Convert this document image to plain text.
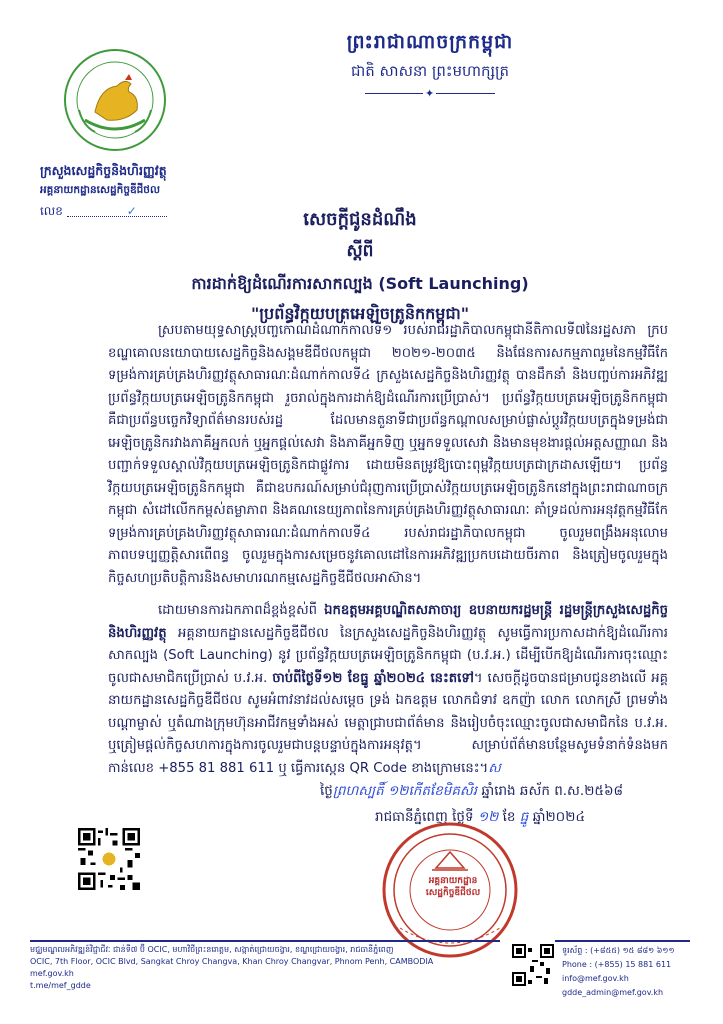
ព្រះរាជាណាចក្រកម្ពុជា
ជាតិ សាសនា ព្រះមហាក្សត្រ
✦
ក្រសួងសេដ្ឋកិច្ចនិងហិរញ្ញវត្ថុ
អគ្គនាយកដ្ឋានសេដ្ឋកិច្ចឌីជីថល
លេខ	✓	សេចក្តីជូនដំណឹង
ស្តីពី
ការដាក់ឱ្យដំណើរការសាកល្បង (Soft Launching)
"ប្រព័ន្ធវិក្កយបត្រអេឡិចត្រូនិកកម្ពុជា"

ស្របតាមយុទ្ធសាស្ត្របញ្ចកោណដំណាក់កាលទី១ របស់រាជរដ្ឋាភិបាលកម្ពុជានីតិកាលទី៧នៃរដ្ឋសភា ក្របខណ្ឌគោលនយោបាយសេដ្ឋកិច្ចនិងសង្គមឌីជីថលកម្ពុជា ២០២១-២០៣៥ និងផែនការសកម្មភាពរួមនៃកម្មវិធីកែទម្រង់ការគ្រប់គ្រងហិរញ្ញវត្ថុសាធារណៈដំណាក់កាលទី៤ ក្រសួងសេដ្ឋកិច្ចនិងហិរញ្ញវត្ថុ បានដឹកនាំ និងបញ្ចប់ការអភិវឌ្ឍ ប្រព័ន្ធវិក្កយបត្រអេឡិចត្រូនិកកម្ពុជា រួចរាល់ក្នុងការដាក់ឱ្យដំណើរការប្រើប្រាស់។ ប្រព័ន្ធវិក្កយបត្រអេឡិចត្រូនិកកម្ពុជា គឺជាប្រព័ន្ធបច្ចេកវិទ្យាព័ត៌មានរបស់រដ្ឋ ដែលមានតួនាទីជាប្រព័ន្ធកណ្តាលសម្រាប់ផ្លាស់ប្តូរវិក្កយបត្រក្នុងទម្រង់ជាអេឡិចត្រូនិករវាងភាគីអ្នកលក់ ឬអ្នកផ្តល់សេវា និងភាគីអ្នកទិញ ឬអ្នកទទួលសេវា និងមានមុខងារផ្តល់អត្តសញ្ញាណ និងបញ្ជាក់ទទួលស្គាល់វិក្កយបត្រអេឡិចត្រូនិកជាផ្លូវការ ដោយមិនតម្រូវឱ្យបោះពុម្ពវិក្កយបត្រជាក្រដាសឡើយ។ ប្រព័ន្ធវិក្កយបត្រអេឡិចត្រូនិកកម្ពុជា គឺជាឧបករណ៍សម្រាប់ជំរុញការប្រើប្រាស់វិក្កយបត្រអេឡិចត្រូនិកនៅក្នុងព្រះរាជាណាចក្រកម្ពុជា សំដៅលើកកម្ពស់តម្លាភាព និងគណនេយ្យភាពនៃការគ្រប់គ្រងហិរញ្ញវត្ថុសាធារណៈ គាំទ្រដល់ការអនុវត្តកម្មវិធីកែទម្រង់ការគ្រប់គ្រងហិរញ្ញវត្ថុសាធារណៈដំណាក់កាលទី៤ របស់រាជរដ្ឋាភិបាលកម្ពុជា ចូលរួមពង្រឹងអនុលោមភាពបទប្បញ្ញត្តិសារពើពន្ធ ចូលរួមក្នុងការសម្រេចនូវគោលដៅនៃការអភិវឌ្ឍប្រកបដោយចីរភាព និងត្រៀមចូលរួមក្នុងកិច្ចសហប្រតិបត្តិការនិងសមាហរណកម្មសេដ្ឋកិច្ចឌីជីថលអាស៊ាន។

ដោយមានការឯកភាពដ៏ខ្ពង់ខ្ពស់ពី ឯកឧត្តមអគ្គបណ្ឌិតសភាចារ្យ ឧបនាយករដ្ឋមន្ត្រី រដ្ឋមន្ត្រីក្រសួងសេដ្ឋកិច្ចនិងហិរញ្ញវត្ថុ អគ្គនាយកដ្ឋានសេដ្ឋកិច្ចឌីជីថល នៃក្រសួងសេដ្ឋកិច្ចនិងហិរញ្ញវត្ថុ សូមធ្វើការប្រកាសដាក់ឱ្យដំណើរការសាកល្បង (Soft Launching) នូវ ប្រព័ន្ធវិក្កយបត្រអេឡិចត្រូនិកកម្ពុជា (ប.វ.អ.) ដើម្បីបើកឱ្យដំណើរការចុះឈ្មោះចូលជាសមាជិកប្រើប្រាស់ ប.វ.អ. ចាប់ពីថ្ងៃទី១២ ខែធ្នូ ឆ្នាំ២០២៤ នេះតទៅ។ សេចក្តីដូចបានជម្រាបជូនខាងលើ អគ្គនាយកដ្ឋានសេដ្ឋកិច្ចឌីជីថល សូមអំពាវនាវដល់សម្តេច ទ្រង់ ឯកឧត្តម លោកជំទាវ ឧកញ៉ា លោក លោកស្រី ព្រមទាំងបណ្តាម្ចាស់ ឬតំណាងក្រុមហ៊ុនអាជីវកម្មទាំងអស់ មេត្តាជ្រាបជាព័ត៌មាន និងរៀបចំចុះឈ្មោះចូលជាសមាជិកនៃ ប.វ.អ. ឬត្រៀមផ្តល់កិច្ចសហការក្នុងការចូលរួមជាបន្តបន្ទាប់ក្នុងការអនុវត្ត។ សម្រាប់ព័ត៌មានបន្ថែមសូមទំនាក់ទំនងមកកាន់លេខ +855 81 881 611 ឬ ធ្វើការស្កេន QR Code ខាងក្រោមនេះ។ស

ថ្ងៃព្រហស្បតិ៍ ១២កើតខែមិគសិរ ឆ្នាំរោង ឆស័ក ព.ស.២៥៦៨
រាជធានីភ្នំពេញ ថ្ងៃទី ១២ ខែ ធ្នូ ឆ្នាំ២០២៤
អគ្គនាយកដ្ឋាន
សេដ្ឋកិច្ចឌីជីថល
មជ្ឈមណ្ឌលអភិវឌ្ឍន៍វិជ្ជាជីវៈ ជាន់ទី៧ ប៊ី OCIC, មហាវិថីព្រះនរោត្តម, សង្កាត់ជ្រោយចង្វារ, ខណ្ឌជ្រោយចង្វារ, រាជធានីភ្នំពេញ
OCIC, 7th Floor, OCIC Blvd, Sangkat Chroy Changva, Khan Chroy Changvar, Phnom Penh, CAMBODIA
mef.gov.kh
t.me/mef_gdde
ទូរស័ព្ទ : (+៨៥៥) ១៥ ៨៨១ ៦១១
Phone : (+855) 15 881 611
info@mef.gov.kh
gdde_admin@mef.gov.kh
